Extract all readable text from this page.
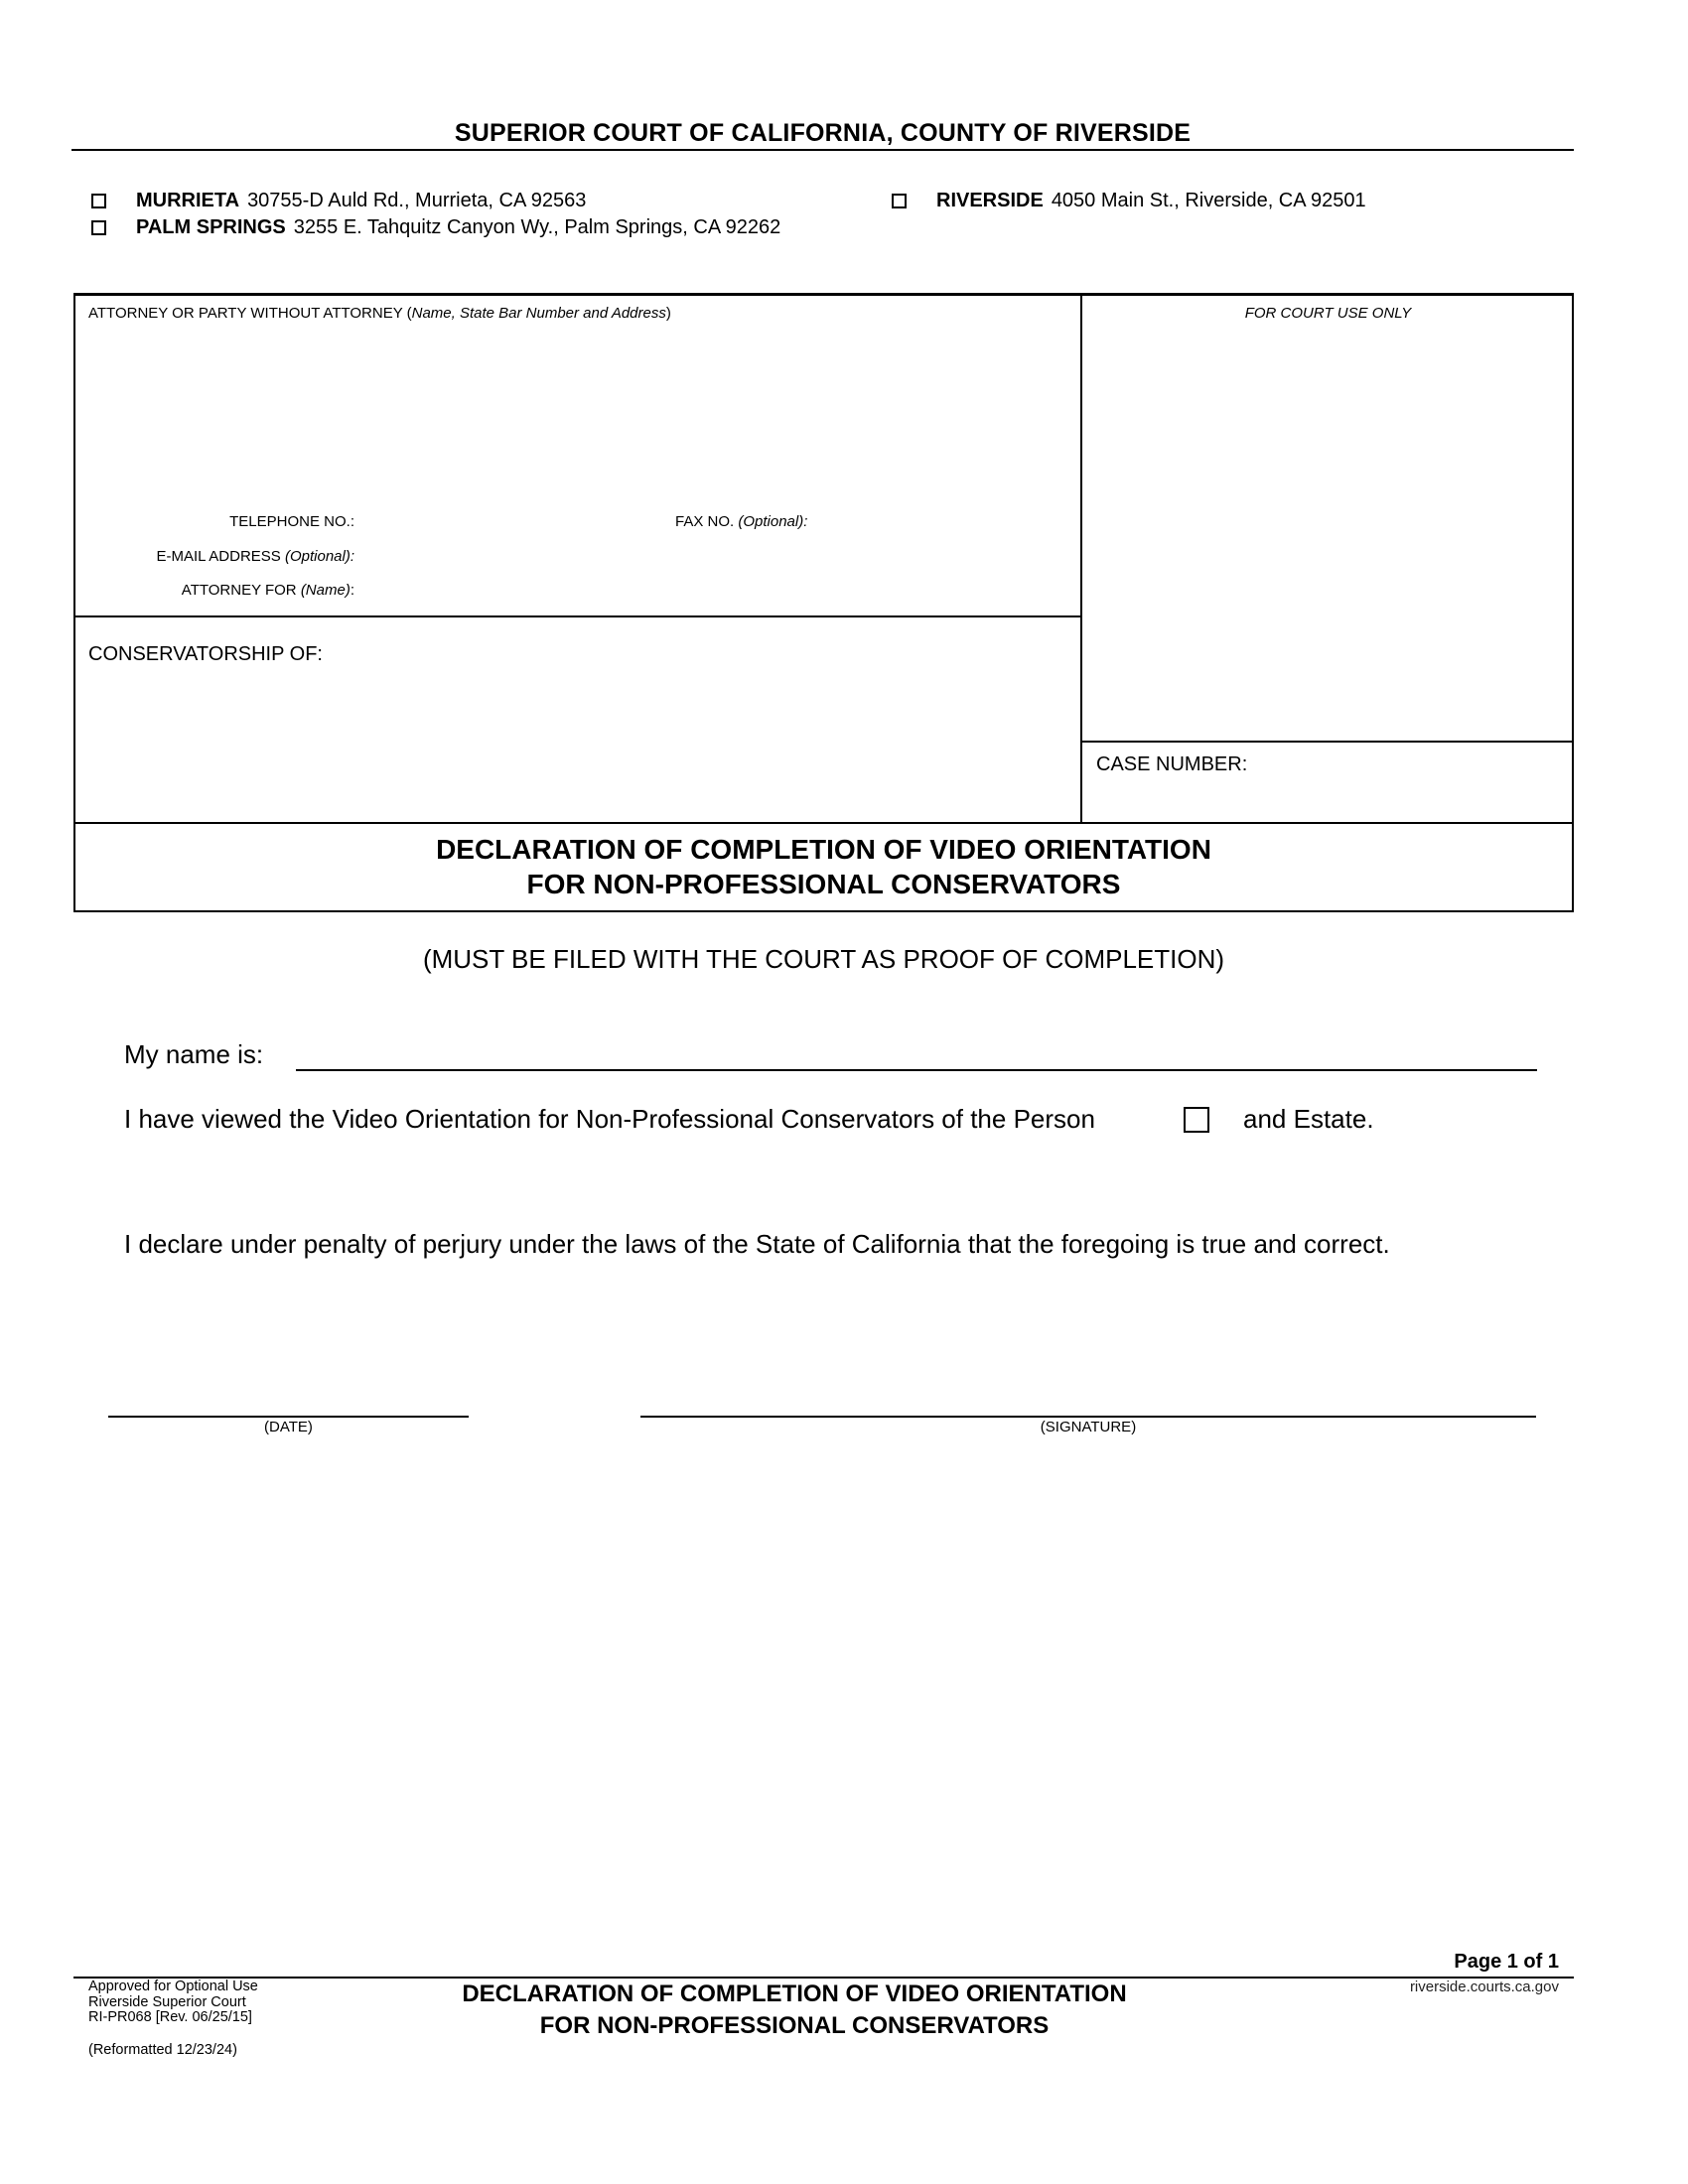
SUPERIOR COURT OF CALIFORNIA, COUNTY OF RIVERSIDE
MURRIETA 30755-D Auld Rd., Murrieta, CA 92563
PALM SPRINGS 3255 E. Tahquitz Canyon Wy., Palm Springs, CA 92262
RIVERSIDE 4050 Main St., Riverside, CA 92501
ATTORNEY OR PARTY WITHOUT ATTORNEY (Name, State Bar Number and Address)
TELEPHONE NO.:	FAX NO. (Optional):
E-MAIL ADDRESS (Optional):
ATTORNEY FOR (Name):
FOR COURT USE ONLY
CONSERVATORSHIP OF:
CASE NUMBER:
DECLARATION OF COMPLETION OF VIDEO ORIENTATION
FOR NON-PROFESSIONAL CONSERVATORS
(MUST BE FILED WITH THE COURT AS PROOF OF COMPLETION)
My name is:
I have viewed the Video Orientation for Non-Professional Conservators of the Person	and Estate.
I declare under penalty of perjury under the laws of the State of California that the foregoing is true and correct.
(DATE)	(SIGNATURE)
Page 1 of 1
Approved for Optional Use
Riverside Superior Court
RI-PR068 [Rev. 06/25/15]
(Reformatted 12/23/24)
DECLARATION OF COMPLETION OF VIDEO ORIENTATION
FOR NON-PROFESSIONAL CONSERVATORS
riverside.courts.ca.gov
